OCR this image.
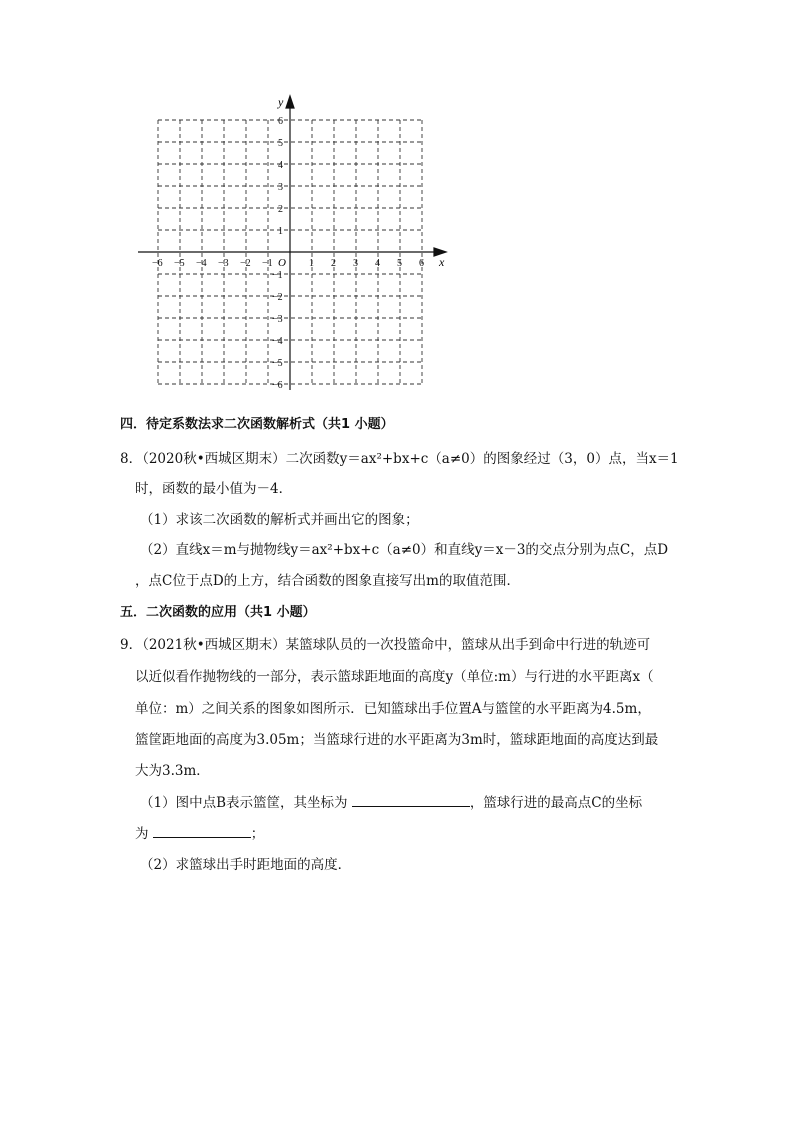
x
y
O
−6 −5 −4 −3 −2 −1	1 2 3 4 5 6
6
5
4
3
2
1
−1
−2
−3
−4
−5
−6
四．待定系数法求二次函数解析式（共1 小题）
8．（2020秋•西城区期末）二次函数y＝ax²+bx+c（a≠0）的图象经过（3，0）点，当x＝1
时，函数的最小值为－4．
（1）求该二次函数的解析式并画出它的图象；
（2）直线x＝m与抛物线y＝ax²+bx+c（a≠0）和直线y＝x－3的交点分别为点C，点D
，点C位于点D的上方，结合函数的图象直接写出m的取值范围．
五．二次函数的应用（共1 小题）
9．（2021秋•西城区期末）某篮球队员的一次投篮命中，篮球从出手到命中行进的轨迹可
以近似看作抛物线的一部分，表示篮球距地面的高度y（单位:m）与行进的水平距离x（
单位：m）之间关系的图象如图所示．已知篮球出手位置A与篮筐的水平距离为4.5m，
篮筐距地面的高度为3.05m；当篮球行进的水平距离为3m时，篮球距地面的高度达到最
大为3.3m．
（1）图中点B表示篮筐，其坐标为	，篮球行进的最高点C的坐标
为	；
（2）求篮球出手时距地面的高度．
